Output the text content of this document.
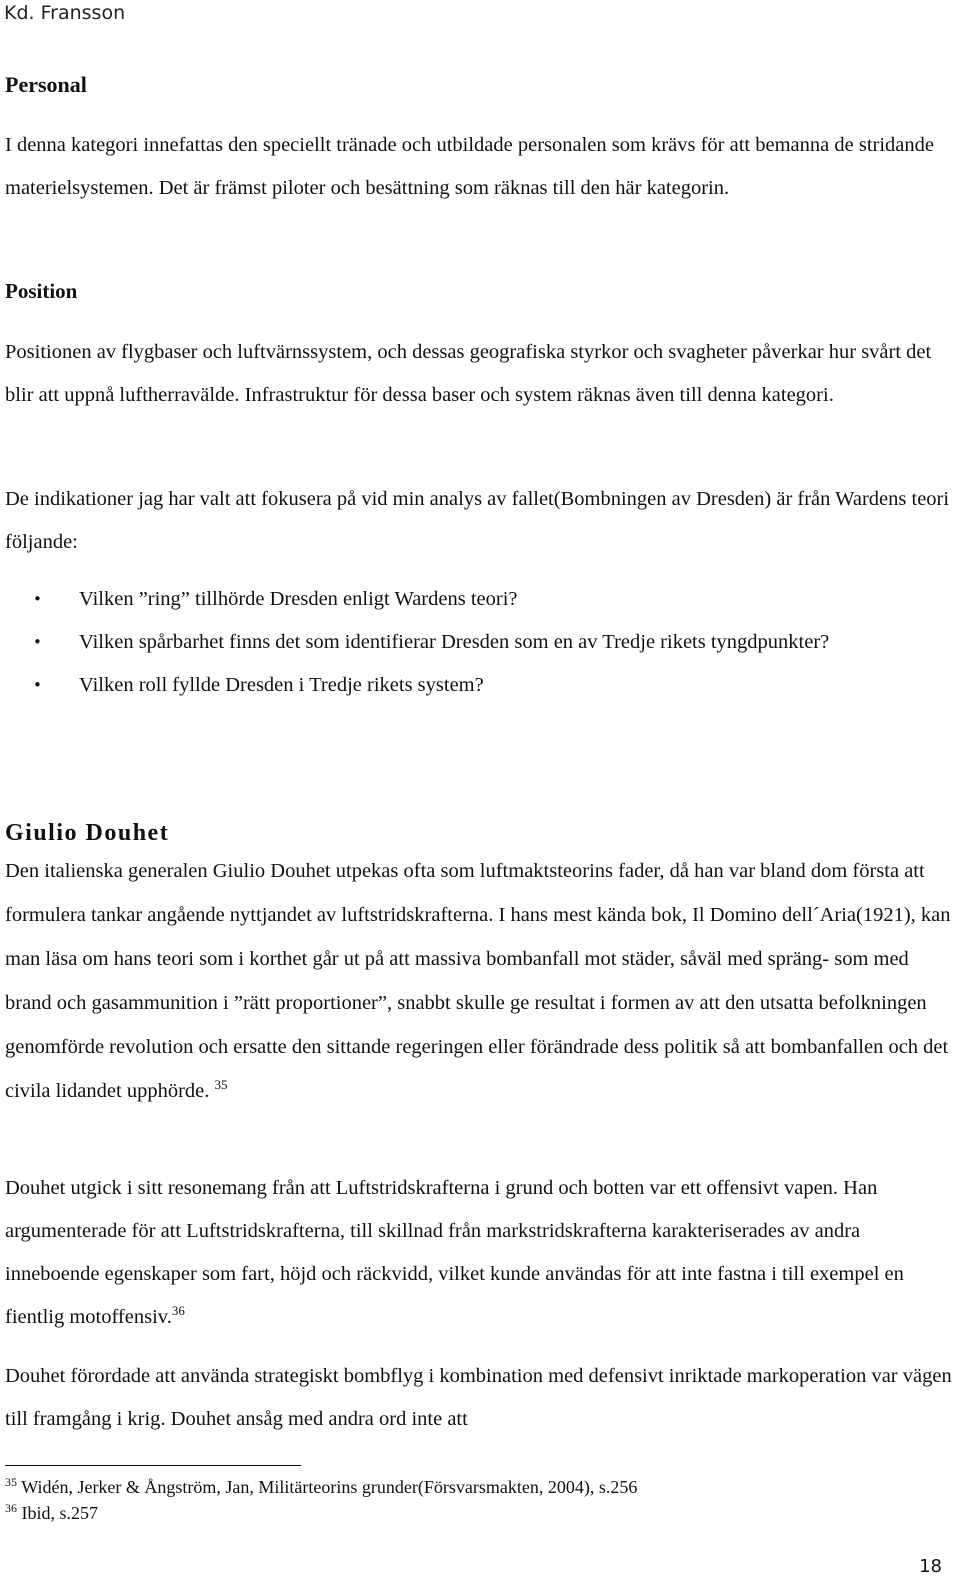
Kd. Fransson
Personal

I denna kategori innefattas den speciellt tränade och utbildade personalen som krävs för att bemanna de stridande materielsystemen. Det är främst piloter och besättning som räknas till den här kategorin.

Position

Positionen av flygbaser och luftvärnssystem, och dessas geografiska styrkor och svagheter påverkar hur svårt det blir att uppnå luftherravälde. Infrastruktur för dessa baser och system räknas även till denna kategori.

De indikationer jag har valt att fokusera på vid min analys av fallet(Bombningen av Dresden) är från Wardens teori följande:

• Vilken ”ring” tillhörde Dresden enligt Wardens teori?
• Vilken spårbarhet finns det som identifierar Dresden som en av Tredje rikets tyngdpunkter?
• Vilken roll fyllde Dresden i Tredje rikets system?
Giulio Douhet

Den italienska generalen Giulio Douhet utpekas ofta som luftmaktsteorins fader, då han var bland dom första att formulera tankar angående nyttjandet av luftstridskrafterna. I hans mest kända bok, Il Domino dell´Aria(1921), kan man läsa om hans teori som i korthet går ut på att massiva bombanfall mot städer, såväl med spräng- som med brand och gasammunition i ”rätt proportioner”, snabbt skulle ge resultat i formen av att den utsatta befolkningen genomförde revolution och ersatte den sittande regeringen eller förändrade dess politik så att bombanfallen och det civila lidandet upphörde. $^{35}$

Douhet utgick i sitt resonemang från att Luftstridskrafterna i grund och botten var ett offensivt vapen. Han argumenterade för att Luftstridskrafterna, till skillnad från markstridskrafterna karakteriserades av andra inneboende egenskaper som fart, höjd och räckvidd, vilket kunde användas för att inte fastna i till exempel en fientlig motoffensiv.$^{36}$

Douhet förordade att använda strategiskt bombflyg i kombination med defensivt inriktade markoperation var vägen till framgång i krig. Douhet ansåg med andra ord inte att

$^{35}$ Widén, Jerker & Ångström, Jan, Militärteorins grunder(Försvarsmakten, 2004), s.256
$^{36}$ Ibid, s.257
18
